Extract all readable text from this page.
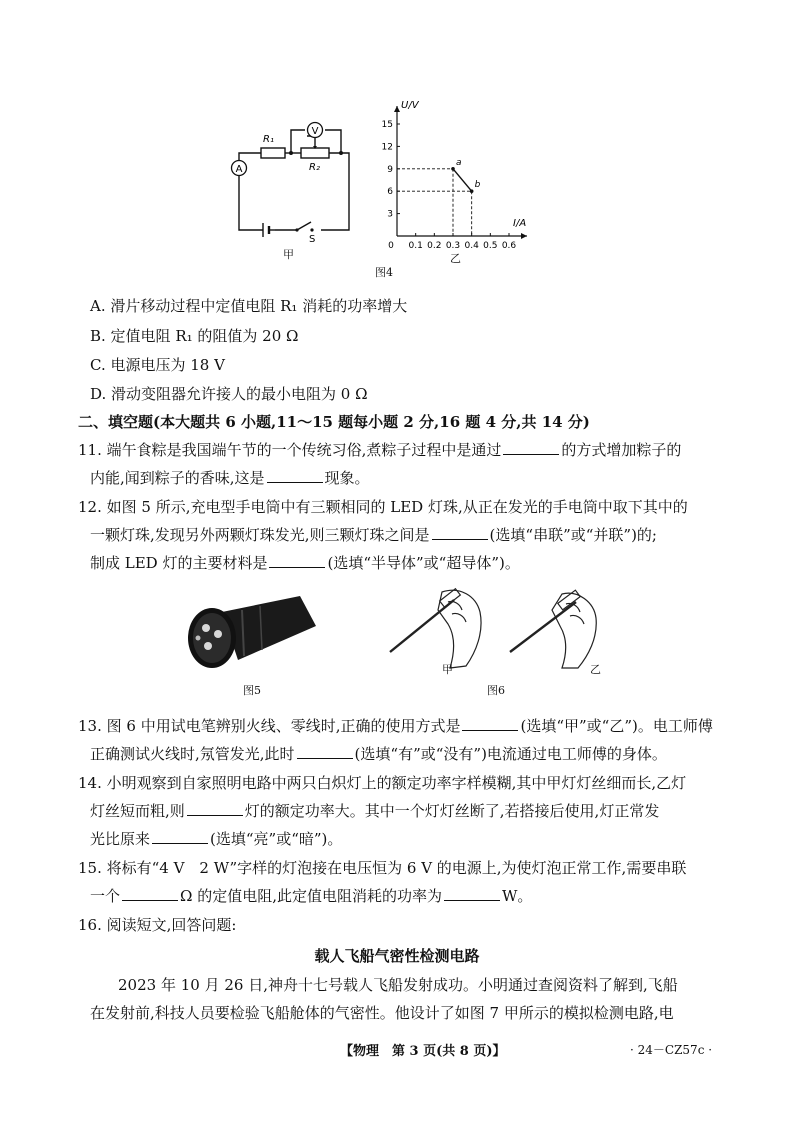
A
V
R₁
R₂
S
甲
U/V
I/A
15
12
9
6
3
0 0.1 0.2 0.3 0.4 0.5 0.6
a
b
乙
图4
A. 滑片移动过程中定值电阻 R₁ 消耗的功率增大
B. 定值电阻 R₁ 的阻值为 20 Ω
C. 电源电压为 18 V
D. 滑动变阻器允许接人的最小电阻为 0 Ω
二、填空题(本大题共 6 小题,11～15 题每小题 2 分,16 题 4 分,共 14 分)
11. 端午食粽是我国端午节的一个传统习俗,煮粽子过程中是通过	的方式增加粽子的
内能,闻到粽子的香味,这是	现象。
12. 如图 5 所示,充电型手电筒中有三颗相同的 LED 灯珠,从正在发光的手电筒中取下其中的
一颗灯珠,发现另外两颗灯珠发光,则三颗灯珠之间是	(选填“串联”或“并联”)的;
制成 LED 灯的主要材料是	(选填“半导体”或“超导体”)。
图5
甲	乙
图6
13. 图 6 中用试电笔辨别火线、零线时,正确的使用方式是	(选填“甲”或“乙”)。电工师傅
正确测试火线时,氖管发光,此时	(选填“有”或“没有”)电流通过电工师傅的身体。
14. 小明观察到自家照明电路中两只白炽灯上的额定功率字样模糊,其中甲灯灯丝细而长,乙灯
灯丝短而粗,则	灯的额定功率大。其中一个灯灯丝断了,若搭接后使用,灯正常发
光比原来	(选填“亮”或“暗”)。
15. 将标有“4 V　2 W”字样的灯泡接在电压恒为 6 V 的电源上,为使灯泡正常工作,需要串联
一个	Ω 的定值电阻,此定值电阻消耗的功率为	W。
16. 阅读短文,回答问题:
载人飞船气密性检测电路
2023 年 10 月 26 日,神舟十七号载人飞船发射成功。小明通过查阅资料了解到,飞船
在发射前,科技人员要检验飞船舱体的气密性。他设计了如图 7 甲所示的模拟检测电路,电
【物理　第 3 页(共 8 页)】	· 24－CZ57c ·
